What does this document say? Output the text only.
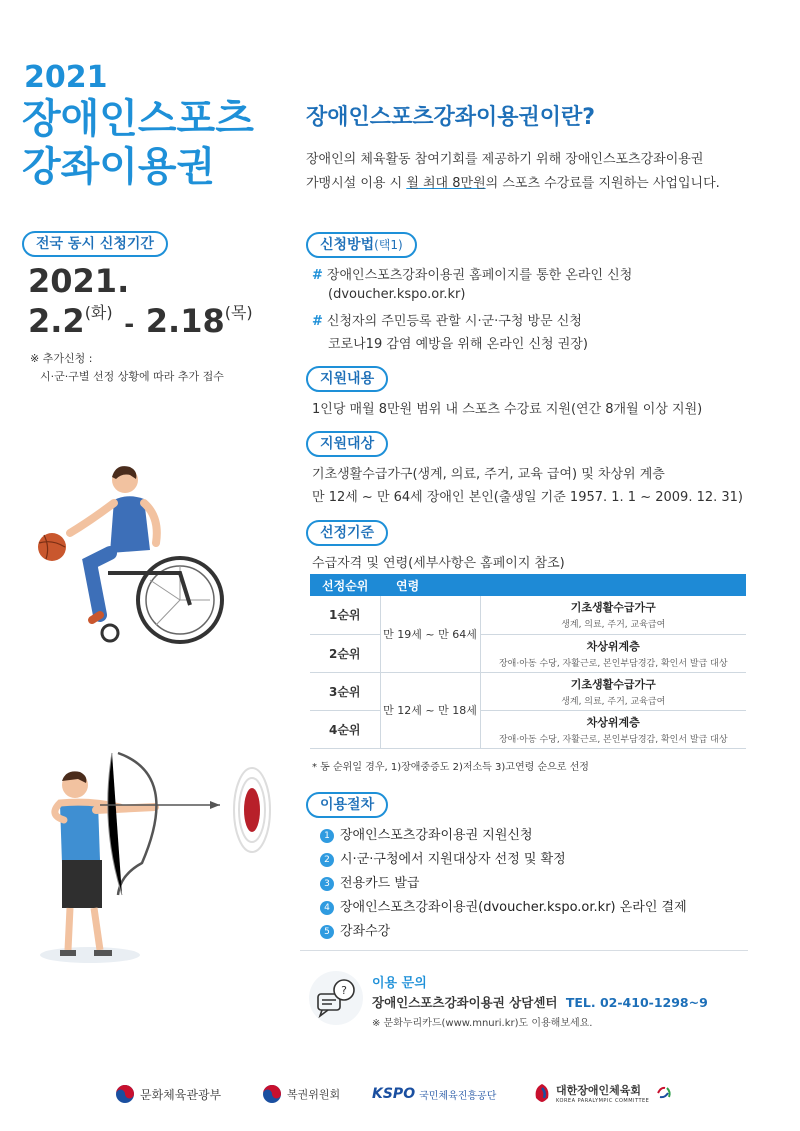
2021
장애인스포츠
강좌이용권
전국 동시 신청기간
2021.
2.2(화) - 2.18(목)
※ 추가신청 :
시·군·구별 선정 상황에 따라 추가 접수
장애인스포츠강좌이용권이란?
장애인의 체육활동 참여기회를 제공하기 위해 장애인스포츠강좌이용권
가맹시설 이용 시 월 최대 8만원의 스포츠 수강료를 지원하는 사업입니다.
신청방법(택1)
# 장애인스포츠강좌이용권 홈페이지를 통한 온라인 신청
(dvoucher.kspo.or.kr)
# 신청자의 주민등록 관할 시·군·구청 방문 신청
코로나19 감염 예방을 위해 온라인 신청 권장)
지원내용
1인당 매월 8만원 범위 내 스포츠 수강료 지원(연간 8개월 이상 지원)
지원대상
기초생활수급가구(생계, 의료, 주거, 교육 급여) 및 차상위 계층
만 12세 ~ 만 64세 장애인 본인(출생일 기준 1957. 1. 1 ~ 2009. 12. 31)
선정기준
수급자격 및 연령(세부사항은 홈페이지 참조)
선정순위	연령	
1순위	만 19세 ~ 만 64세	기초생활수급가구
생계, 의료, 주거, 교육급여

2순위		차상위계층
장애·아동 수당, 자활근로, 본인부담경감, 확인서 발급 대상

3순위	만 12세 ~ 만 18세	기초생활수급가구
생계, 의료, 주거, 교육급여

4순위		차상위계층
장애·아동 수당, 자활근로, 본인부담경감, 확인서 발급 대상
* 동 순위일 경우, 1)장애중증도 2)저소득 3)고연령 순으로 선정
이용절차
1 장애인스포츠강좌이용권 지원신청
2 시·군·구청에서 지원대상자 선정 및 확정
3 전용카드 발급
4 장애인스포츠강좌이용권(dvoucher.kspo.or.kr) 온라인 결제
5 강좌수강
? 이용 문의
장애인스포츠강좌이용권 상담센터 TEL. 02-410-1298~9
※ 문화누리카드(www.mnuri.kr)도 이용해보세요.
문화체육관광부	복권위원회 KSPO 국민체육진흥공단	대한장애인체육회
KOREA PARALYMPIC COMMITTEE
